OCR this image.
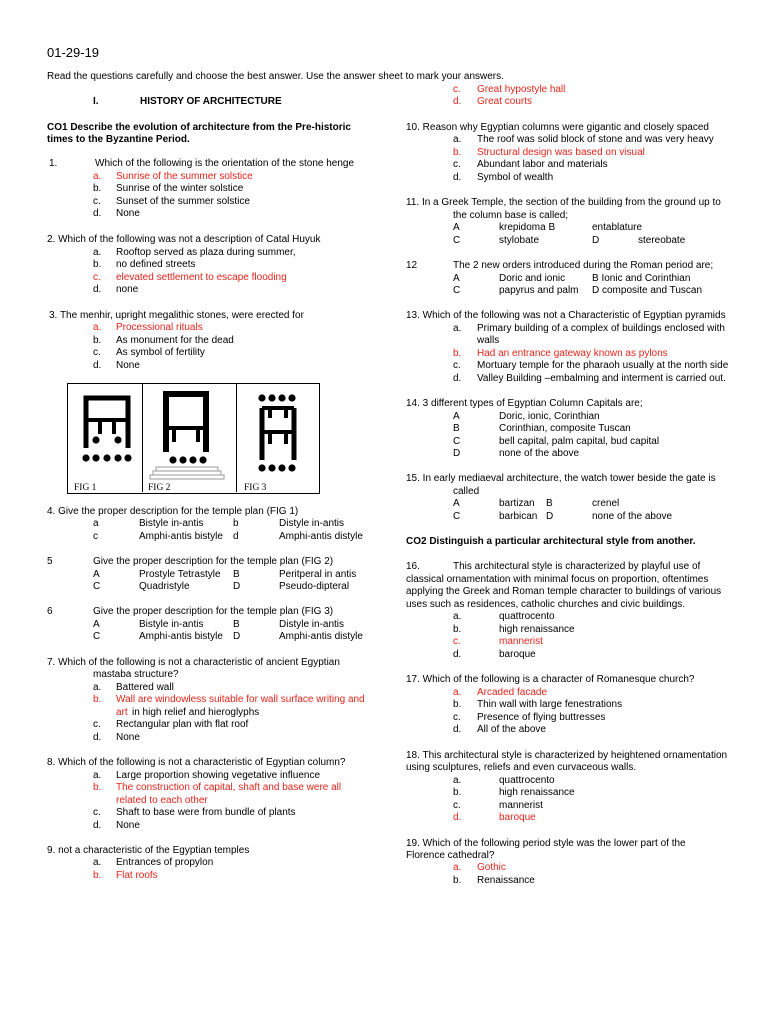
01-29-19
Read the questions carefully and choose the best answer. Use the answer sheet to mark your answers.
I.	HISTORY OF ARCHITECTURE
CO1 Describe the evolution of architecture from the Pre-historic
times to the Byzantine Period.
CO2 Distinguish a particular architectural style from another.
1.	Which of the following is the orientation of the stone henge
a. Sunrise of the summer solstice
b. Sunrise of the winter solstice
c. Sunset of the summer solstice
d. None
2. Which of the following was not a description of Catal Huyuk
a. Rooftop served as plaza during summer,
b. no defined streets
c. elevated settlement to escape flooding
d. none
3. The menhir, upright megalithic stones, were erected for
a. Processional rituals
b. As monument for the dead
c. As symbol of fertility
d. None
4. Give the proper description for the temple plan (FIG 1)
a	Bistyle in-antis	b	Distyle in-antis
c	Amphi-antis bistyle d	Amphi-antis distyle
5	Give the proper description for the temple plan (FIG 2)
A	Prostyle Tetrastyle B	Peritperal in antis
C	Quadristyle	D	Pseudo-dipteral
6	Give the proper description for the temple plan (FIG 3)
A	Bistyle in-antis	B	Distyle in-antis
C	Amphi-antis bistyle D	Amphi-antis distyle
7. Which of the following is not a characteristic of ancient Egyptian
mastaba structure?
a. Battered wall
b. Wall are windowless suitable for wall surface writing and
art in high relief and hieroglyphs
c. Rectangular plan with flat roof
d. None
8. Which of the following is not a characteristic of Egyptian column?
a. Large proportion showing vegetative influence
b. The construction of capital, shaft and base were all
related to each other
c. Shaft to base were from bundle of plants
d. None
9. not a characteristic of the Egyptian temples
a. Entrances of propylon
b. Flat roofs
c. Great hypostyle hall
d. Great courts
10. Reason why Egyptian columns were gigantic and closely spaced
a. The roof was solid block of stone and was very heavy
b. Structural design was based on visual
c. Abundant labor and materials
d. Symbol of wealth
11. In a Greek Temple, the section of the building from the ground up to
the column base is called;
A	krepidoma B	entablature
C	stylobate	D	stereobate
12	The 2 new orders introduced during the Roman period are;
A	Doric and ionic	B Ionic and Corinthian
C	papyrus and palm D composite and Tuscan
13. Which of the following was not a Characteristic of Egyptian pyramids
a. Primary building of a complex of buildings enclosed with
walls
b. Had an entrance gateway known as pylons
c. Mortuary temple for the pharaoh usually at the north side
d. Valley Building –embalming and interment is carried out.
14. 3 different types of Egyptian Column Capitals are;
A	Doric, ionic, Corinthian
B	Corinthian, composite Tuscan
C	bell capital, palm capital, bud capital
D	none of the above
15. In early mediaeval architecture, the watch tower beside the gate is
called
A	bartizan B	crenel
C	barbican D	none of the above
16.	This architectural style is characterized by playful use of
classical ornamentation with minimal focus on proportion, oftentimes
applying the Greek and Roman temple character to buildings of various
uses such as residences, catholic churches and civic buildings.
a.	quattrocento
b.	high renaissance
c.	mannerist
d.	baroque
17. Which of the following is a character of Romanesque church?
a. Arcaded facade
b. Thin wall with large fenestrations
c. Presence of flying buttresses
d. All of the above
18. This architectural style is characterized by heightened ornamentation
using sculptures, reliefs and even curvaceous walls.
a.	quattrocento
b.	high renaissance
c.	mannerist
d.	baroque
19. Which of the following period style was the lower part of the
Florence cathedral?
a. Gothic
b. Renaissance
FIG 1	FIG 2	FIG 3
